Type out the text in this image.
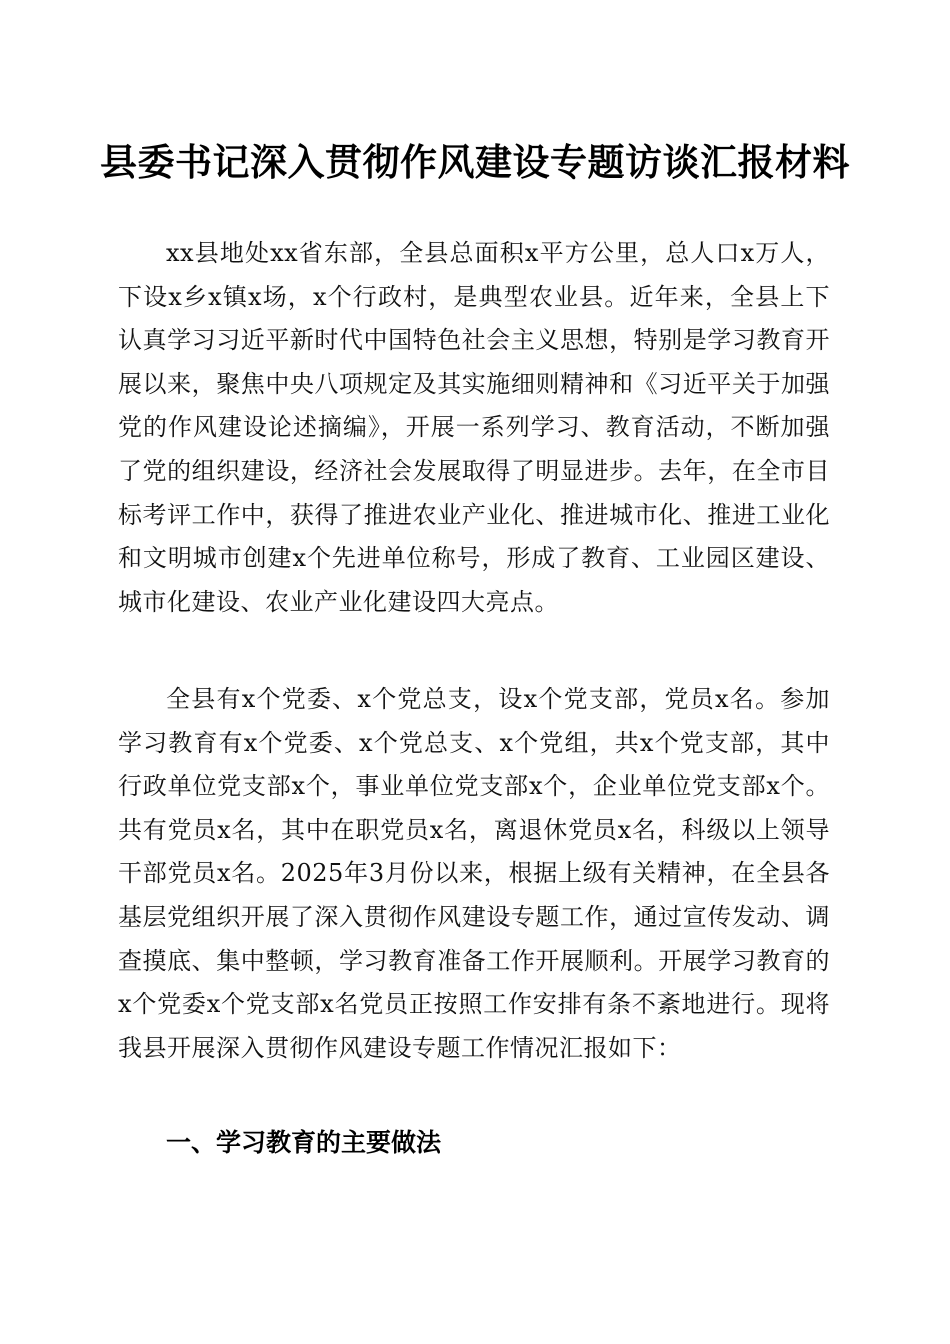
县委书记深入贯彻作风建设专题访谈汇报材料

xx县地处xx省东部，全县总面积x平方公里，总人口x万人，下设x乡x镇x场，x个行政村，是典型农业县。近年来，全县上下认真学习习近平新时代中国特色社会主义思想，特别是学习教育开展以来，聚焦中央八项规定及其实施细则精神和《习近平关于加强党的作风建设论述摘编》，开展一系列学习、教育活动，不断加强了党的组织建设，经济社会发展取得了明显进步。去年，在全市目标考评工作中，获得了推进农业产业化、推进城市化、推进工业化和文明城市创建x个先进单位称号，形成了教育、工业园区建设、城市化建设、农业产业化建设四大亮点。

全县有x个党委、x个党总支，设x个党支部，党员x名。参加学习教育有x个党委、x个党总支、x个党组，共x个党支部，其中行政单位党支部x个，事业单位党支部x个，企业单位党支部x个。共有党员x名，其中在职党员x名，离退休党员x名，科级以上领导干部党员x名。2025年3月份以来，根据上级有关精神，在全县各基层党组织开展了深入贯彻作风建设专题工作，通过宣传发动、调查摸底、集中整顿，学习教育准备工作开展顺利。开展学习教育的x个党委x个党支部x名党员正按照工作安排有条不紊地进行。现将我县开展深入贯彻作风建设专题工作情况汇报如下：

一、学习教育的主要做法
